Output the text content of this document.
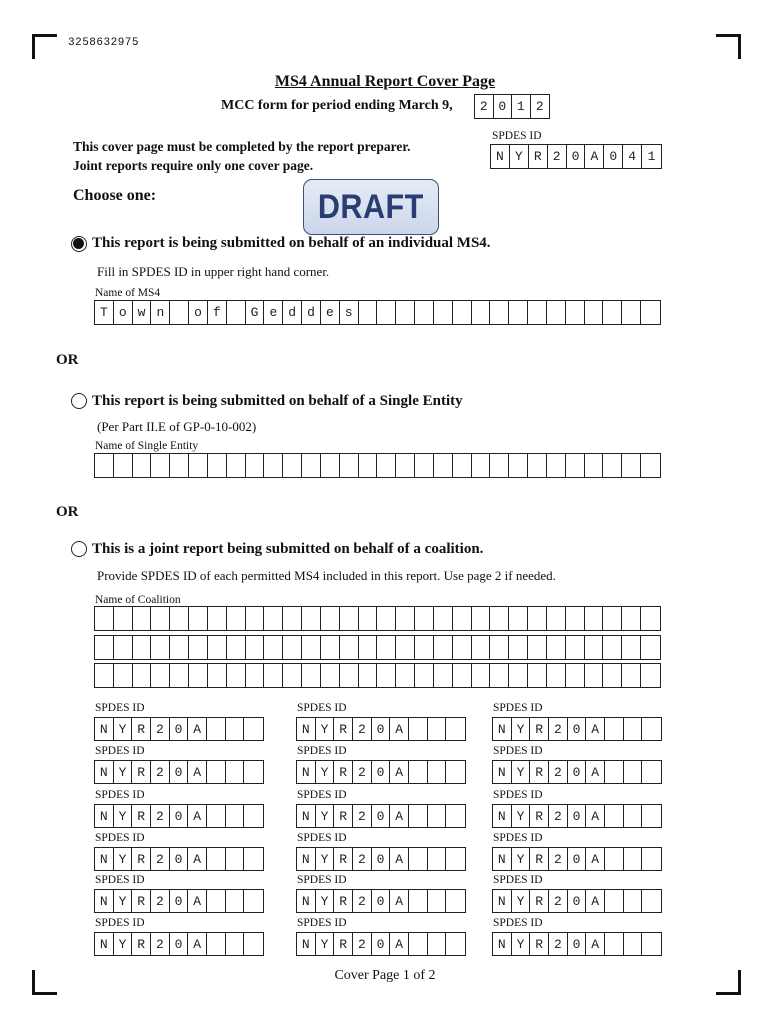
3258632975
MS4 Annual Report Cover Page
MCC form for period ending March 9,	2 0 1 2
This cover page must be completed by the report preparer.
Joint reports require only one cover page.
SPDES ID
N Y R 2 0 A 0 4 1
Choose one:	DRAFT
This report is being submitted on behalf of an individual MS4.
Fill in SPDES ID in upper right hand corner.
Name of MS4
T o w n	o f	G e d d e s
OR
This report is being submitted on behalf of a Single Entity
(Per Part II.E of GP-0-10-002)
Name of Single Entity
OR
This is a joint report being submitted on behalf of a coalition.
Provide SPDES ID of each permitted MS4 included in this report. Use page 2 if needed.
Name of Coalition
SPDES ID
N Y R 2 0 A
SPDES ID
N Y R 2 0 A
SPDES ID
N Y R 2 0 A
SPDES ID
N Y R 2 0 A
SPDES ID
N Y R 2 0 A
SPDES ID
N Y R 2 0 A
SPDES ID
N Y R 2 0 A
SPDES ID
N Y R 2 0 A
SPDES ID
N Y R 2 0 A
SPDES ID
N Y R 2 0 A
SPDES ID
N Y R 2 0 A
SPDES ID
N Y R 2 0 A
SPDES ID
N Y R 2 0 A
SPDES ID
N Y R 2 0 A
SPDES ID
N Y R 2 0 A
SPDES ID
N Y R 2 0 A
SPDES ID
N Y R 2 0 A
SPDES ID
N Y R 2 0 A
Cover Page 1 of 2
